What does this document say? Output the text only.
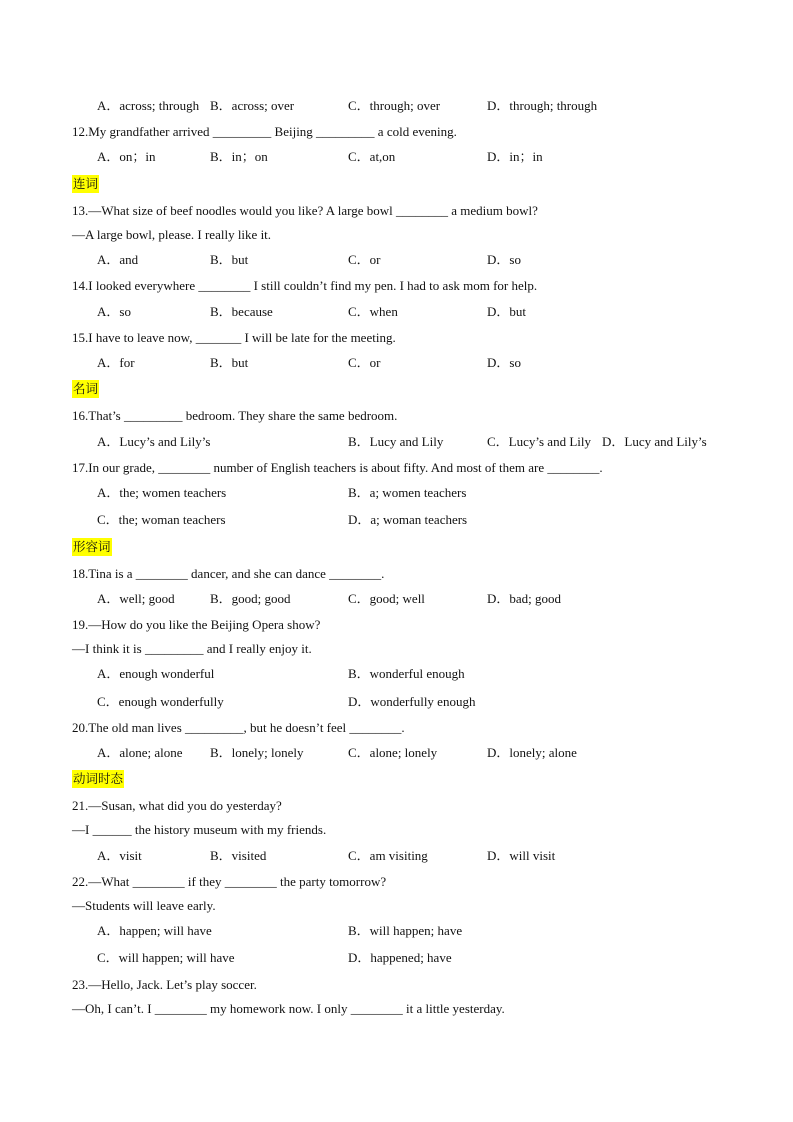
A．across; through B．across; over	C．through; over	D．through; through
12.My grandfather arrived _________ Beijing _________ a cold evening.
A．on；in	B．in；on	C．at,on	D．in；in
连词
13.—What size of beef noodles would you like? A large bowl ________ a medium bowl?
—A large bowl, please. I really like it.
A．and	B．but	C．or	D．so
14.I looked everywhere ________ I still couldn’t find my pen. I had to ask mom for help.
A．so	B．because	C．when	D．but
15.I have to leave now, _______ I will be late for the meeting.
A．for	B．but	C．or	D．so
名词
16.That’s _________ bedroom. They share the same bedroom.
A．Lucy’s and Lily’s	B．Lucy and Lily	C．Lucy’s and Lily D．Lucy and Lily’s
17.In our grade, ________ number of English teachers is about fifty. And most of them are ________.
A．the; women teachers	B．a; women teachers
C．the; woman teachers	D．a; woman teachers
形容词
18.Tina is a ________ dancer, and she can dance ________.
A．well; good	B．good; good	C．good; well	D．bad; good
19.—How do you like the Beijing Opera show?
—I think it is _________ and I really enjoy it.
A．enough wonderful	B．wonderful enough
C．enough wonderfully	D．wonderfully enough
20.The old man lives _________, but he doesn’t feel ________.
A．alone; alone B．lonely; lonely	C．alone; lonely	D．lonely; alone
动词时态
21.—Susan, what did you do yesterday?
—I ______ the history museum with my friends.
A．visit	B．visited	C．am visiting	D．will visit
22.—What ________ if they ________ the party tomorrow?
—Students will leave early.
A．happen; will have	B．will happen; have
C．will happen; will have	D．happened; have
23.—Hello, Jack. Let’s play soccer.
—Oh, I can’t. I ________ my homework now. I only ________ it a little yesterday.
